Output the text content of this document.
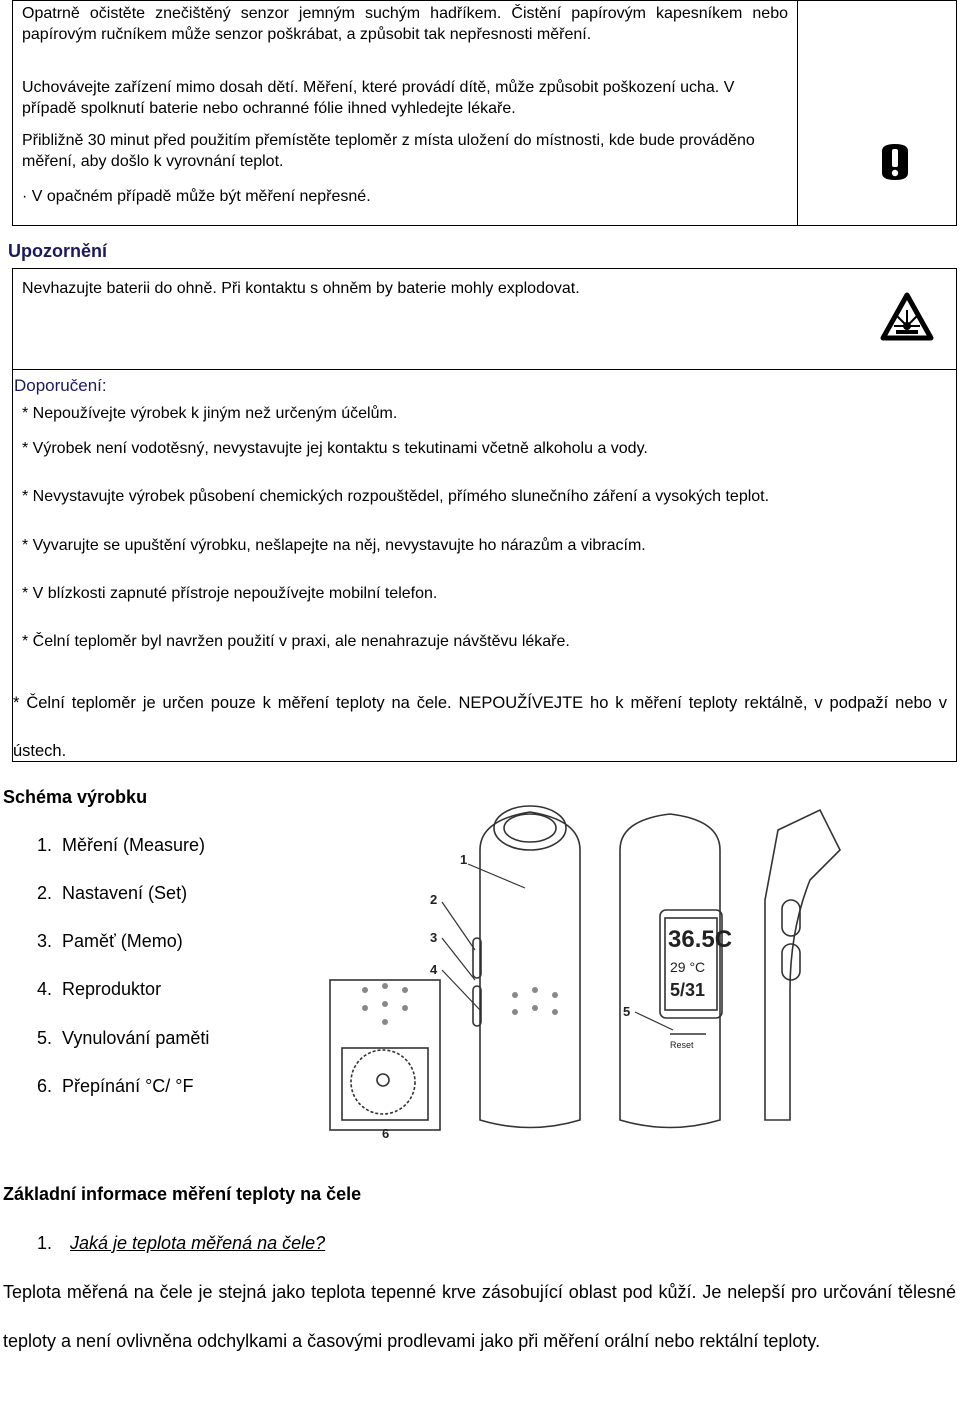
Opatrně očistěte znečištěný senzor jemným suchým hadříkem. Čistění papírovým kapesníkem nebo papírovým ručníkem může senzor poškrábat, a způsobit tak nepřesnosti měření.

Uchovávejte zařízení mimo dosah dětí. Měření, které provádí dítě, může způsobit poškození ucha. V případě spolknutí baterie nebo ochranné fólie ihned vyhledejte lékaře.

Přibližně 30 minut před použitím přemístěte teploměr z místa uložení do místnosti, kde bude prováděno měření, aby došlo k vyrovnání teplot.

· V opačném případě může být měření nepřesné.

Upozornění

Nevhazujte baterii do ohně. Při kontaktu s ohněm by baterie mohly explodovat.

Doporučení:

* Nepoužívejte výrobek k jiným než určeným účelům.

* Výrobek není vodotěsný, nevystavujte jej kontaktu s tekutinami včetně alkoholu a vody.

* Nevystavujte výrobek působení chemických rozpouštědel, přímého slunečního záření a vysokých teplot.

* Vyvarujte se upuštění výrobku, nešlapejte na něj, nevystavujte ho nárazům a vibracím.

* V blízkosti zapnuté přístroje nepoužívejte mobilní telefon.

* Čelní teploměr byl navržen použití v praxi, ale nenahrazuje návštěvu lékaře.

* Čelní teploměr je určen pouze k měření teploty na čele. NEPOUŽÍVEJTE ho k měření teploty rektálně, v podpaží nebo v ústech.

Schéma výrobku
1.  Měření (Measure)
2.  Nastavení (Set)
3.  Paměť (Memo)
4.  Reproduktor
5.  Vynulování paměti
6.  Přepínání °C/ °F
36.5C
29 °C
5/31
Reset
1
2
3
4
5
6
Základní informace měření teploty na čele
1. Jaká je teplota měřená na čele?

Teplota měřená na čele je stejná jako teplota tepenné krve zásobující oblast pod kůží. Je nelepší pro určování tělesné teploty a není ovlivněna odchylkami a časovými prodlevami jako při měření orální nebo rektální teploty.
